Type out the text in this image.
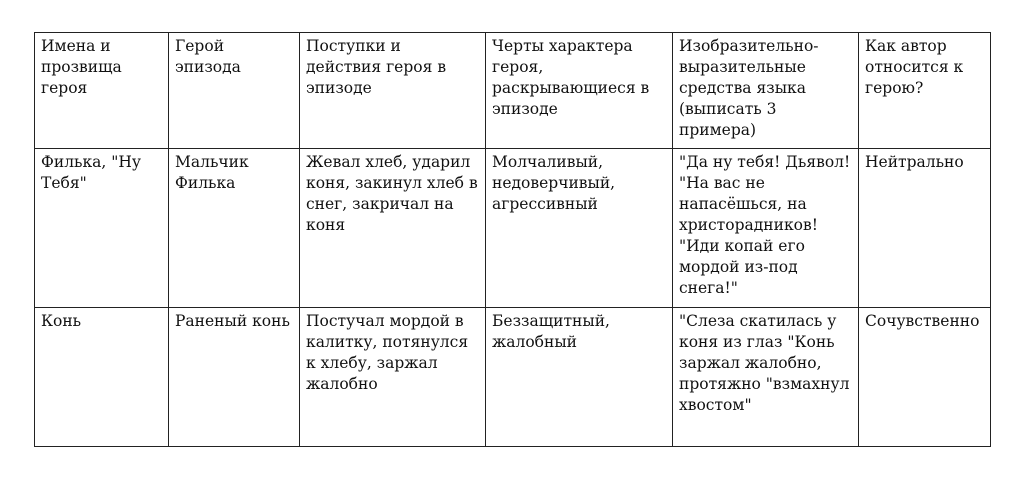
Имена и прозвища героя	Герой эпизода	Поступки и действия героя в эпизоде	Черты характера героя, раскрывающиеся в эпизоде	Изобразительно-выразительные средства языка (выписать 3 примера)	Как автор относится к герою?

Филька, "Ну Тебя"	Мальчик Филька	Жевал хлеб, ударил коня, закинул хлеб в снег, закричал на коня	Молчаливый, недоверчивый, агрессивный	"Да ну тебя! Дьявол! "На вас не напасёшься, на христорадников! "Иди копай его мордой из-под снега!"	Нейтрально
Конь	Раненый конь	Постучал мордой в калитку, потянулся к хлебу, заржал жалобно	Беззащитный, жалобный	"Слеза скатилась у коня из глаз "Конь заржал жалобно, протяжно "взмахнул хвостом"	Сочувственно
